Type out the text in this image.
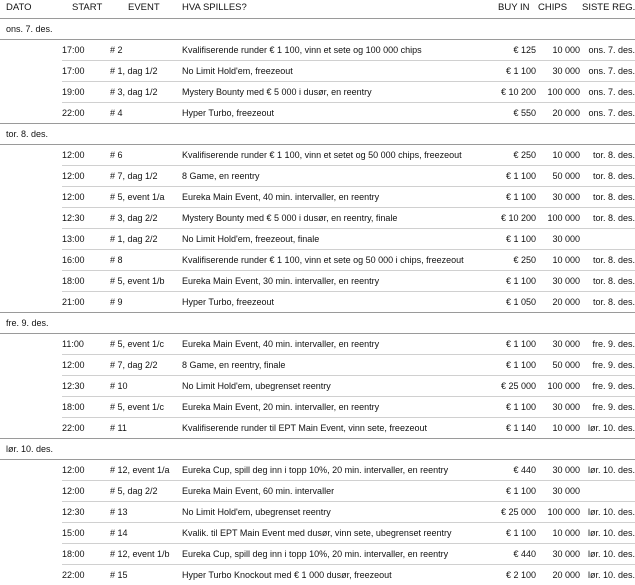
DATO	START	EVENT	HVA SPILLES?	BUY IN	CHIPS	SISTE REG.
ons. 7. des.						
	17:00	# 2	Kvalifiserende runder € 1 100, vinn et sete og 100 000 chips	€ 125	10 000	ons. 7. des.
	17:00	# 1, dag 1/2	No Limit Hold'em, freezeout	€ 1 100	30 000	ons. 7. des.
	19:00	# 3, dag 1/2	Mystery Bounty med € 5 000 i dusør, en reentry	€ 10 200	100 000	ons. 7. des.
	22:00	# 4	Hyper Turbo, freezeout	€ 550	20 000	ons. 7. des.
tor. 8. des.						
	12:00	# 6	Kvalifiserende runder € 1 100, vinn et setet og 50 000 chips, freezeout	€ 250	10 000	tor. 8. des.
	12:00	# 7, dag 1/2	8 Game, en reentry	€ 1 100	50 000	tor. 8. des.
	12:00	# 5, event 1/a	Eureka Main Event, 40 min. intervaller, en reentry	€ 1 100	30 000	tor. 8. des.
	12:30	# 3, dag 2/2	Mystery Bounty med € 5 000 i dusør, en reentry, finale	€ 10 200	100 000	tor. 8. des.
	13:00	# 1, dag 2/2	No Limit Hold'em, freezeout, finale	€ 1 100	30 000	
	16:00	# 8	Kvalifiserende runder € 1 100, vinn et sete og 50 000 i chips, freezeout	€ 250	10 000	tor. 8. des.
	18:00	# 5, event 1/b	Eureka Main Event, 30 min. intervaller, en reentry	€ 1 100	30 000	tor. 8. des.
	21:00	# 9	Hyper Turbo, freezeout	€ 1 050	20 000	tor. 8. des.
fre. 9. des.						
	11:00	# 5, event 1/c	Eureka Main Event, 40 min. intervaller, en reentry	€ 1 100	30 000	fre. 9. des.
	12:00	# 7, dag 2/2	8 Game, en reentry, finale	€ 1 100	50 000	fre. 9. des.
	12:30	# 10	No Limit Hold'em, ubegrenset reentry	€ 25 000	100 000	fre. 9. des.
	18:00	# 5, event 1/c	Eureka Main Event, 20 min. intervaller, en reentry	€ 1 100	30 000	fre. 9. des.
	22:00	# 11	Kvalifiserende runder til EPT Main Event, vinn sete, freezeout	€ 1 140	10 000	lør. 10. des.
lør. 10. des.						
	12:00	# 12, event 1/a	Eureka Cup, spill deg inn i topp 10%, 20 min. intervaller, en reentry	€ 440	30 000	lør. 10. des.
	12:00	# 5, dag 2/2	Eureka Main Event, 60 min. intervaller	€ 1 100	30 000	
	12:30	# 13	No Limit Hold'em, ubegrenset reentry	€ 25 000	100 000	lør. 10. des.
	15:00	# 14	Kvalik. til EPT Main Event med dusør, vinn sete, ubegrenset reentry	€ 1 100	10 000	lør. 10. des.
	18:00	# 12, event 1/b	Eureka Cup, spill deg inn i topp 10%, 20 min. intervaller, en reentry	€ 440	30 000	lør. 10. des.
	22:00	# 15	Hyper Turbo Knockout med € 1 000 dusør, freezeout	€ 2 100	20 000	lør. 10. des.
